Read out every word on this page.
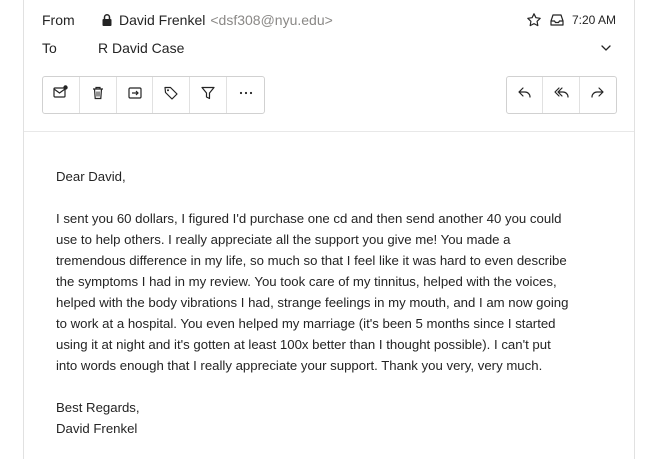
From	David Frenkel <dsf308@nyu.edu>	7:20 AM
To	R David Case

Dear David,

I sent you 60 dollars, I figured I'd purchase one cd and then send another 40 you could

use to help others. I really appreciate all the support you give me! You made a

tremendous difference in my life, so much so that I feel like it was hard to even describe

the symptoms I had in my review. You took care of my tinnitus, helped with the voices,

helped with the body vibrations I had, strange feelings in my mouth, and I am now going

to work at a hospital. You even helped my marriage (it's been 5 months since I started

using it at night and it's gotten at least 100x better than I thought possible). I can't put

into words enough that I really appreciate your support. Thank you very, very much.

Best Regards,

David Frenkel
